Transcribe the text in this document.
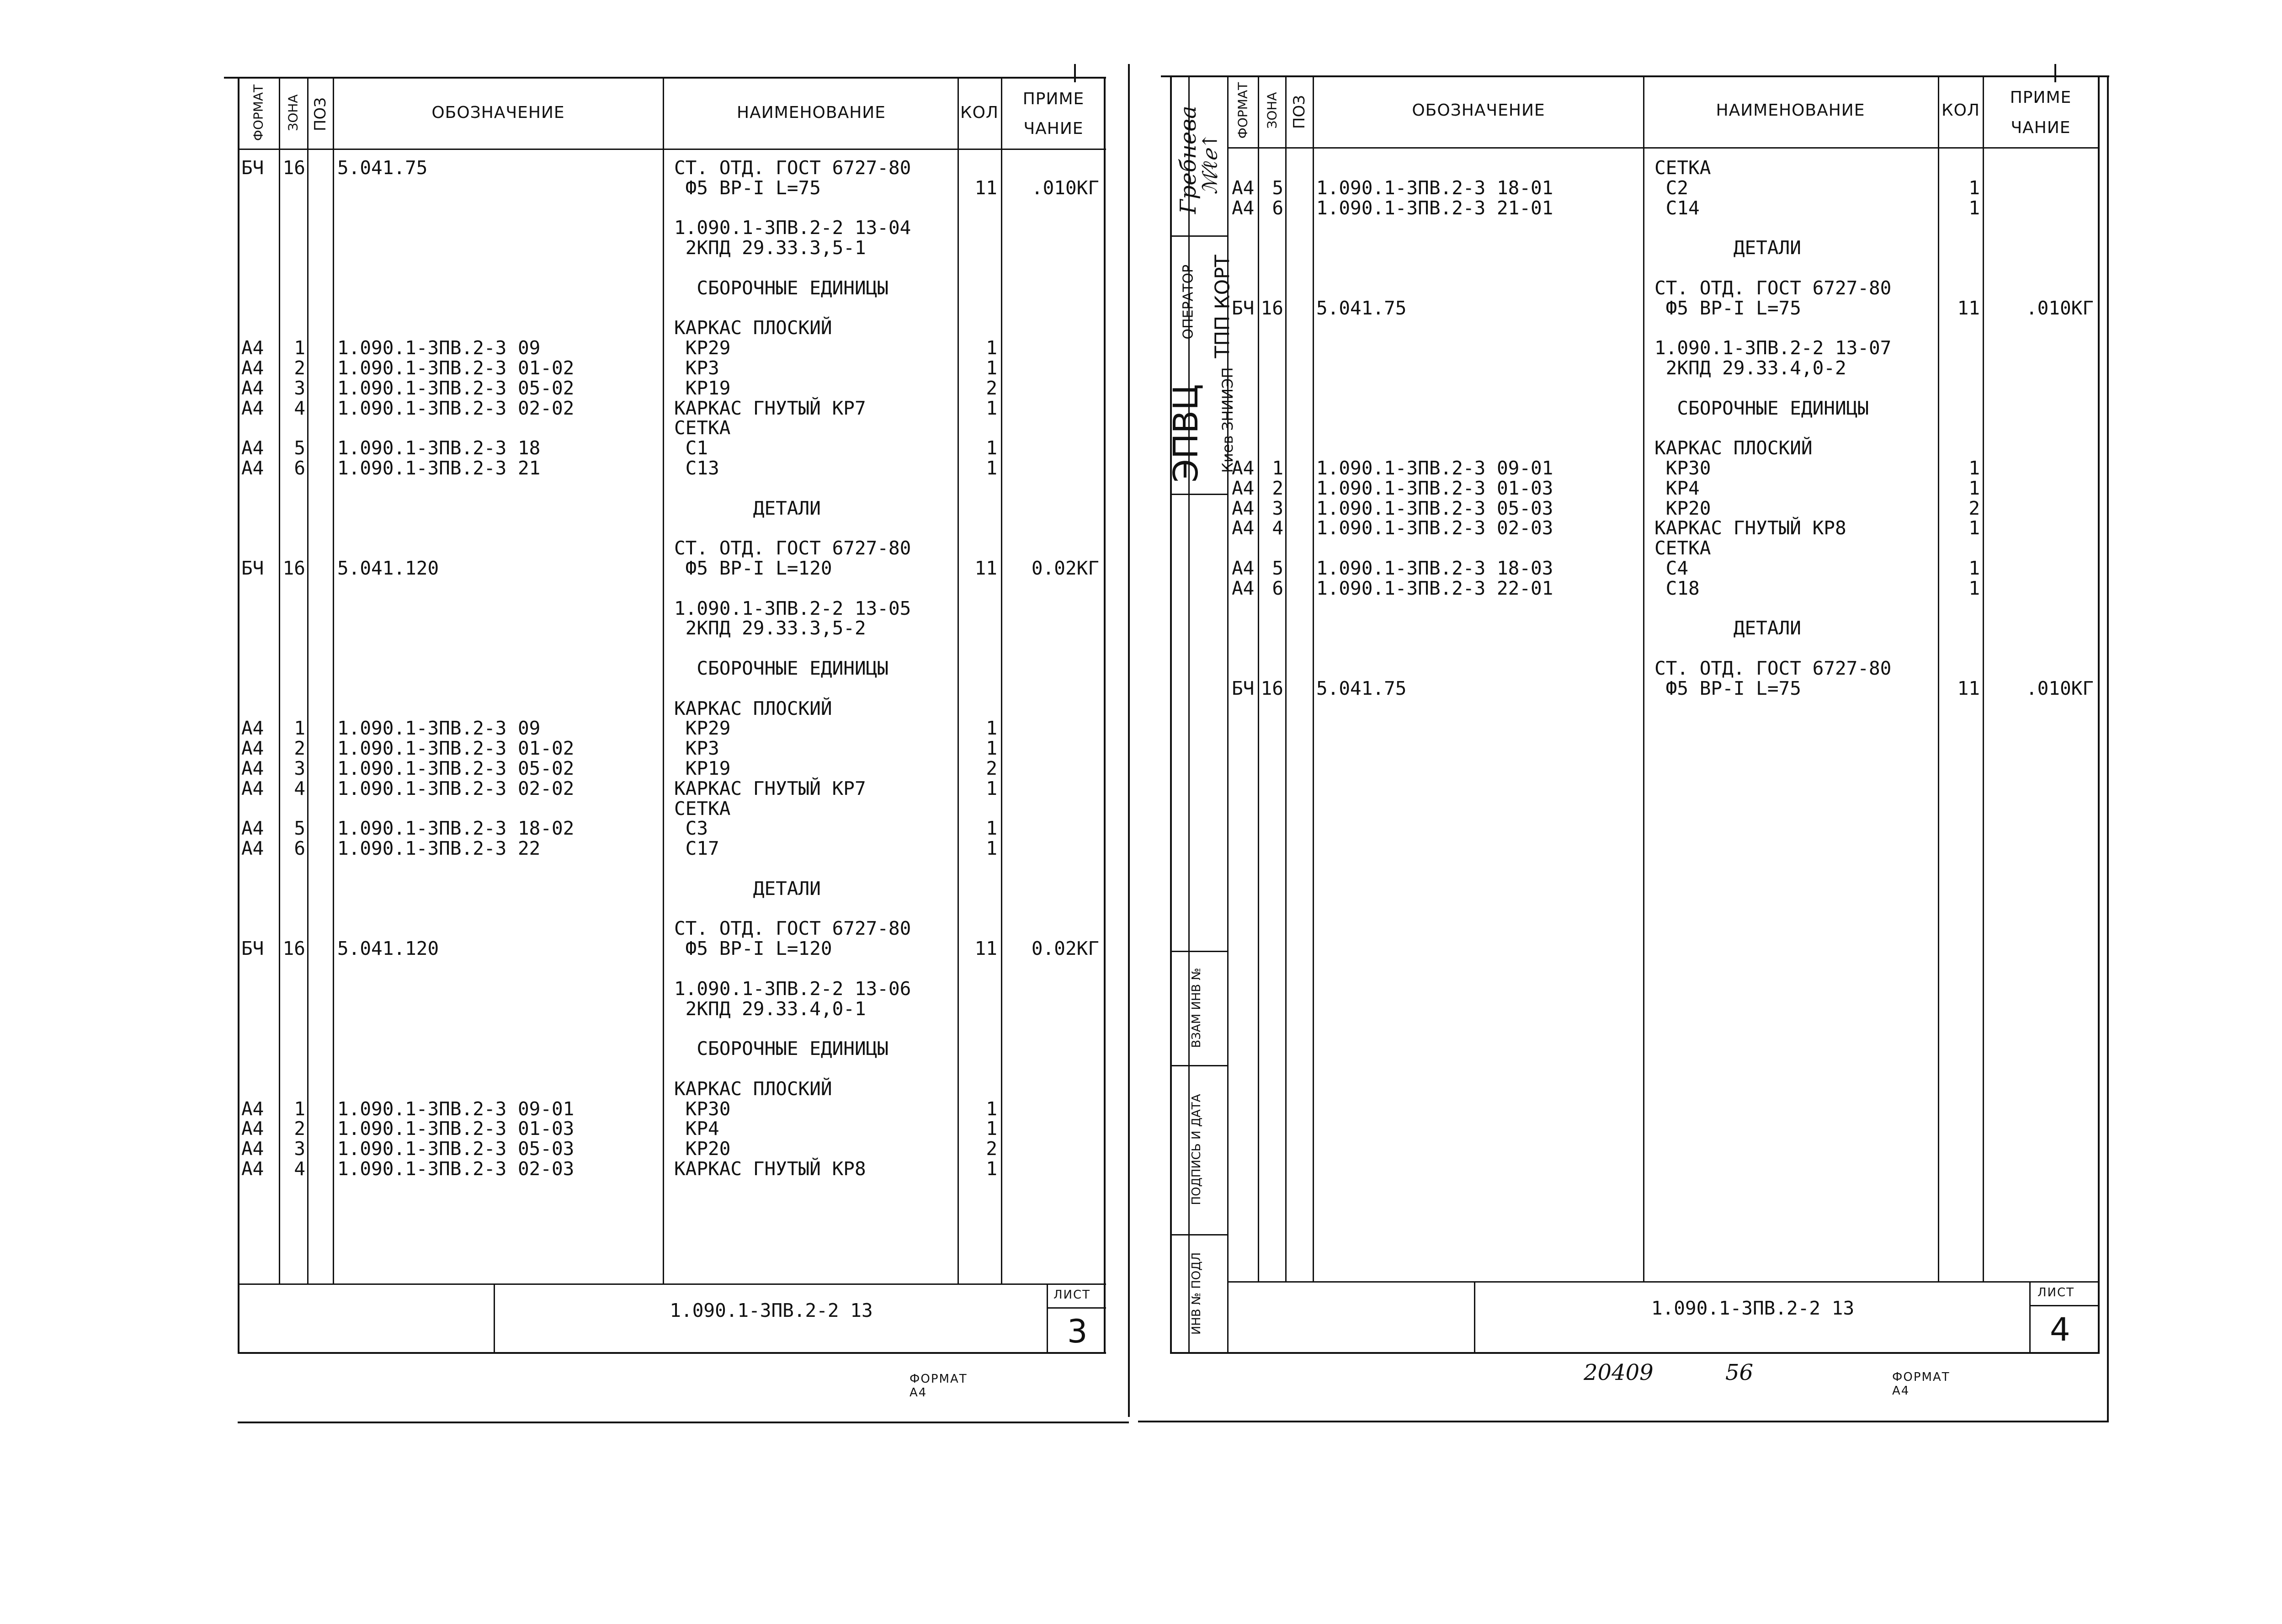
ФОРМАТ ЗОНА ПОЗ	ОБОЗНАЧЕНИЕ	НАИМЕНОВАНИЕ	КОЛ
ПРИМЕ
ЧАНИЕ
БЧ 16 5.041.75	СТ. ОТД. ГОСТ 6727-80
Ф5 ВР-I L=75	11	.010КГ
1.090.1-3ПВ.2-2 13-04
2КПД 29.33.3,5-1
СБОРОЧНЫЕ ЕДИНИЦЫ
КАРКАС ПЛОСКИЙ
А4	1 1.090.1-3ПВ.2-3 09	КР29	1
А4	2 1.090.1-3ПВ.2-3 01-02	КР3	1
А4	3 1.090.1-3ПВ.2-3 05-02	КР19	2
А4	4 1.090.1-3ПВ.2-3 02-02	КАРКАС ГНУТЫЙ КР7	1
СЕТКА
А4	5 1.090.1-3ПВ.2-3 18	С1	1
А4	6 1.090.1-3ПВ.2-3 21	С13	1
ДЕТАЛИ
СТ. ОТД. ГОСТ 6727-80
БЧ 16 5.041.120	Ф5 ВР-I L=120	11	0.02КГ
1.090.1-3ПВ.2-2 13-05
2КПД 29.33.3,5-2
СБОРОЧНЫЕ ЕДИНИЦЫ
КАРКАС ПЛОСКИЙ
А4	1 1.090.1-3ПВ.2-3 09	КР29	1
А4	2 1.090.1-3ПВ.2-3 01-02	КР3	1
А4	3 1.090.1-3ПВ.2-3 05-02	КР19	2
А4	4 1.090.1-3ПВ.2-3 02-02	КАРКАС ГНУТЫЙ КР7	1
СЕТКА
А4	5 1.090.1-3ПВ.2-3 18-02	С3	1
А4	6 1.090.1-3ПВ.2-3 22	С17	1
ДЕТАЛИ
СТ. ОТД. ГОСТ 6727-80
БЧ 16 5.041.120	Ф5 ВР-I L=120	11	0.02КГ
1.090.1-3ПВ.2-2 13-06
2КПД 29.33.4,0-1
СБОРОЧНЫЕ ЕДИНИЦЫ
КАРКАС ПЛОСКИЙ
А4	1 1.090.1-3ПВ.2-3 09-01	КР30	1
А4	2 1.090.1-3ПВ.2-3 01-03	КР4	1
А4	3 1.090.1-3ПВ.2-3 05-03	КР20	2
А4	4 1.090.1-3ПВ.2-3 02-03	КАРКАС ГНУТЫЙ КР8	1
1.090.1-3ПВ.2-2 13
ЛИСТ
3
ФОРМАТ А4
ФОРМАТ ЗОНА ПОЗ	ОБОЗНАЧЕНИЕ	НАИМЕНОВАНИЕ	КОЛ
ПРИМЕ
ЧАНИЕ
СЕТКА
А4 5 1.090.1-3ПВ.2-3 18-01	С2	1
А4 6 1.090.1-3ПВ.2-3 21-01	С14	1
ДЕТАЛИ
СТ. ОТД. ГОСТ 6727-80
БЧ 16 5.041.75	Ф5 ВР-I L=75	11	.010КГ
1.090.1-3ПВ.2-2 13-07
2КПД 29.33.4,0-2
СБОРОЧНЫЕ ЕДИНИЦЫ
КАРКАС ПЛОСКИЙ
А4 1 1.090.1-3ПВ.2-3 09-01	КР30	1
А4 2 1.090.1-3ПВ.2-3 01-03	КР4	1
А4 3 1.090.1-3ПВ.2-3 05-03	КР20	2
А4 4 1.090.1-3ПВ.2-3 02-03	КАРКАС ГНУТЫЙ КР8	1
СЕТКА
А4 5 1.090.1-3ПВ.2-3 18-03	С4	1
А4 6 1.090.1-3ПВ.2-3 22-01	С18	1
ДЕТАЛИ
СТ. ОТД. ГОСТ 6727-80
БЧ 16 5.041.75	Ф5 ВР-I L=75	11	.010КГ
Гребнева
ℳ⁄ℓℯ↑
ОПЕРАТОР ТПП КОРТ
ЭПВЦ Киев ЗНИИЭП
ВЗАМ ИНВ №
ПОДПИСЬ И ДАТА
ИНВ № ПОДЛ	1.090.1-3ПВ.2-2 13
ЛИСТ
4
20409	56	ФОРМАТ А4
